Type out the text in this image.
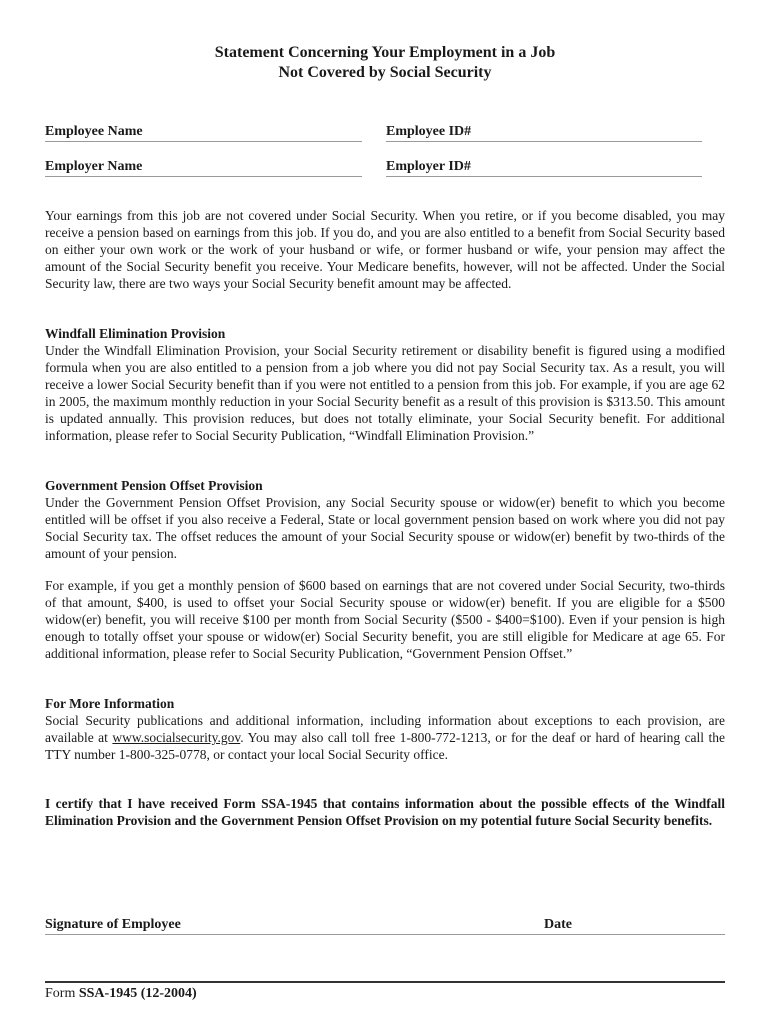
Statement Concerning Your Employment in a Job
Not Covered by Social Security
Employee Name	Employee ID#
Employer Name	Employer ID#

Your earnings from this job are not covered under Social Security. When you retire, or if you become disabled, you may receive a pension based on earnings from this job. If you do, and you are also entitled to a benefit from Social Security based on either your own work or the work of your husband or wife, or former husband or wife, your pension may affect the amount of the Social Security benefit you receive. Your Medicare benefits, however, will not be affected. Under the Social Security law, there are two ways your Social Security benefit amount may be affected.

Windfall Elimination Provision
Under the Windfall Elimination Provision, your Social Security retirement or disability benefit is figured using a modified formula when you are also entitled to a pension from a job where you did not pay Social Security tax. As a result, you will receive a lower Social Security benefit than if you were not entitled to a pension from this job. For example, if you are age 62 in 2005, the maximum monthly reduction in your Social Security benefit as a result of this provision is $313.50. This amount is updated annually. This provision reduces, but does not totally eliminate, your Social Security benefit. For additional information, please refer to Social Security Publication, “Windfall Elimination Provision.”
Government Pension Offset Provision
Under the Government Pension Offset Provision, any Social Security spouse or widow(er) benefit to which you become entitled will be offset if you also receive a Federal, State or local government pension based on work where you did not pay Social Security tax. The offset reduces the amount of your Social Security spouse or widow(er) benefit by two-thirds of the amount of your pension.

For example, if you get a monthly pension of $600 based on earnings that are not covered under Social Security, two-thirds of that amount, $400, is used to offset your Social Security spouse or widow(er) benefit. If you are eligible for a $500 widow(er) benefit, you will receive $100 per month from Social Security ($500 - $400=$100). Even if your pension is high enough to totally offset your spouse or widow(er) Social Security benefit, you are still eligible for Medicare at age 65. For additional information, please refer to Social Security Publication, “Government Pension Offset.”

For More Information
Social Security publications and additional information, including information about exceptions to each provision, are available at www.socialsecurity.gov. You may also call toll free 1-800-772-1213, or for the deaf or hard of hearing call the TTY number 1-800-325-0778, or contact your local Social Security office.

I certify that I have received Form SSA-1945 that contains information about the possible effects of the Windfall Elimination Provision and the Government Pension Offset Provision on my potential future Social Security benefits.

Signature of Employee	Date
Form SSA-1945 (12-2004)
